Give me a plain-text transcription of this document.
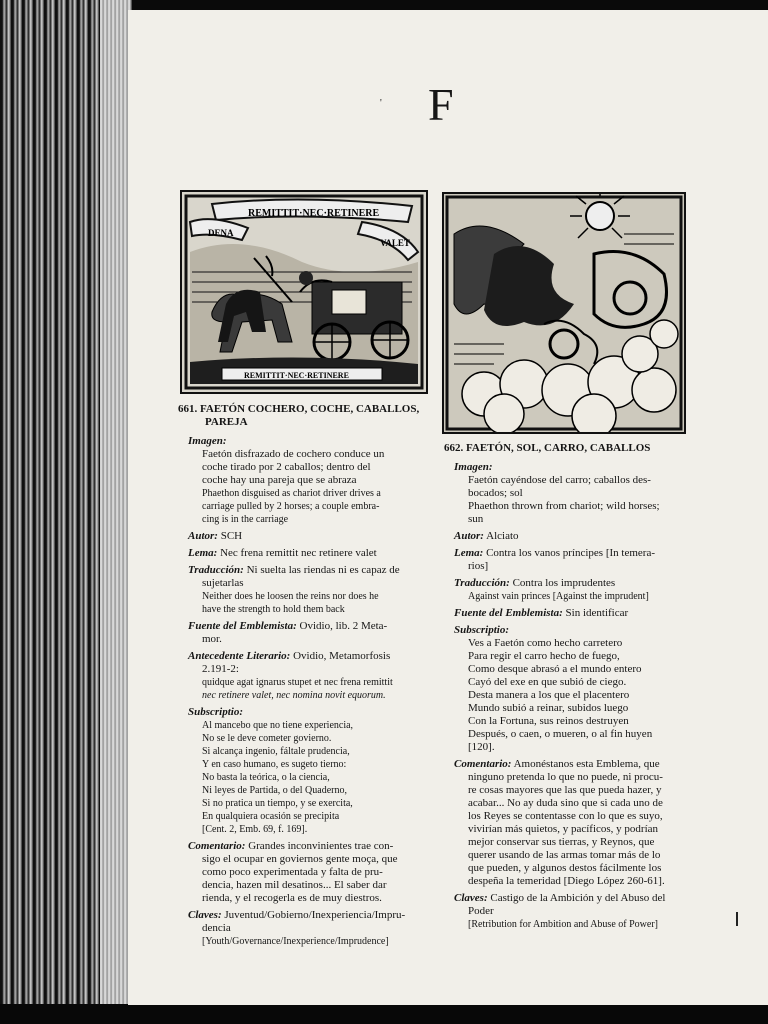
' F
REMITTIT·NEC·RETINERE
DENA
VALET
REMITTIT·NEC·RETINERE
661. FAETÓN COCHERO, COCHE, CABALLOS,
PAREJA
Imagen:
Faetón disfrazado de cochero conduce un
coche tirado por 2 caballos; dentro del
coche hay una pareja que se abraza
Phaethon disguised as chariot driver drives a
carriage pulled by 2 horses; a couple embra-
cing is in the carriage
Autor: SCH
Lema: Nec frena remittit nec retinere valet
Traducción: Ni suelta las riendas ni es capaz de
sujetarlas
Neither does he loosen the reins nor does he
have the strength to hold them back
Fuente del Emblemista: Ovidio, lib. 2 Meta-
mor.
Antecedente Literario: Ovidio, Metamorfosis
2.191-2:
quidque agat ignarus stupet et nec frena remittit
nec retinere valet, nec nomina novit equorum.
Subscriptio:
Al mancebo que no tiene experiencia,
No se le deve cometer govierno.
Si alcança ingenio, fáltale prudencia,
Y en caso humano, es sugeto tierno:
No basta la teórica, o la ciencia,
Ni leyes de Partida, o del Quaderno,
Si no pratica un tiempo, y se exercita,
En qualquiera ocasión se precipita
[Cent. 2, Emb. 69, f. 169].
Comentario: Grandes inconvinientes trae con-
sigo el ocupar en goviernos gente moça, que
como poco experimentada y falta de pru-
dencia, hazen mil desatinos... El saber dar
rienda, y el recogerla es de muy diestros.
Claves: Juventud/Gobierno/Inexperiencia/Impru-
dencia
[Youth/Governance/Inexperience/Imprudence]
662. FAETÓN, SOL, CARRO, CABALLOS
Imagen:
Faetón cayéndose del carro; caballos des-
bocados; sol
Phaethon thrown from chariot; wild horses;
sun
Autor: Alciato
Lema: Contra los vanos príncipes [In temera-
rios]
Traducción: Contra los imprudentes
Against vain princes [Against the imprudent]
Fuente del Emblemista: Sin identificar
Subscriptio:
Ves a Faetón como hecho carretero
Para regir el carro hecho de fuego,
Como desque abrasó a el mundo entero
Cayó del exe en que subió de ciego.
Desta manera a los que el placentero
Mundo subió a reinar, subidos luego
Con la Fortuna, sus reinos destruyen
Después, o caen, o mueren, o al fin huyen
[120].
Comentario: Amonéstanos esta Emblema, que
ninguno pretenda lo que no puede, ni procu-
re cosas mayores que las que pueda hazer, y
acabar... No ay duda sino que si cada uno de
los Reyes se contentasse con lo que es suyo,
vivirían más quietos, y pacíficos, y podrían
mejor conservar sus tierras, y Reynos, que
querer usando de las armas tomar más de lo
que pueden, y algunos destos fácilmente los
despeña la temeridad [Diego López 260-61].
Claves: Castigo de la Ambición y del Abuso del
Poder
[Retribution for Ambition and Abuse of Power]
